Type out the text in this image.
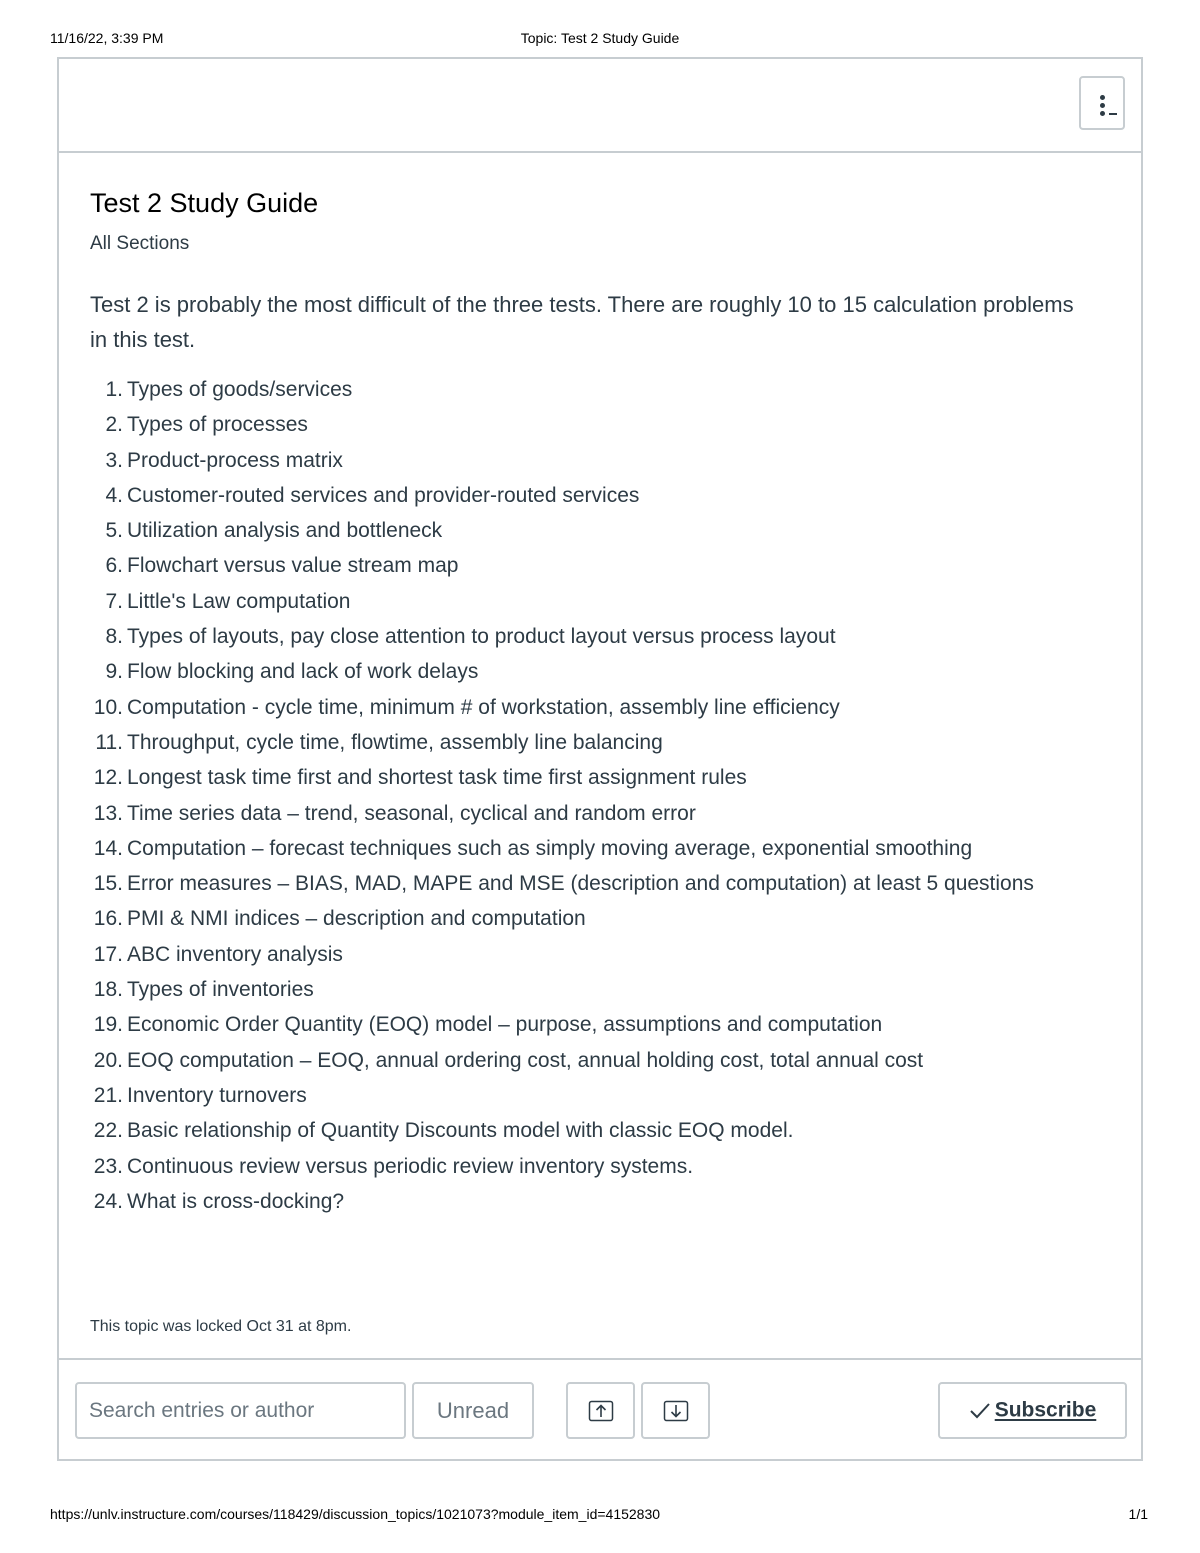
11/16/22, 3:39 PM	Topic: Test 2 Study Guide
Test 2 Study Guide
All Sections

Test 2 is probably the most difficult of the three tests. There are roughly 10 to 15 calculation problems in this test.

1. Types of goods/services
2. Types of processes
3. Product-process matrix
4. Customer-routed services and provider-routed services
5. Utilization analysis and bottleneck
6. Flowchart versus value stream map
7. Little's Law computation
8. Types of layouts, pay close attention to product layout versus process layout
9. Flow blocking and lack of work delays
10. Computation - cycle time, minimum # of workstation, assembly line efficiency
11. Throughput, cycle time, flowtime, assembly line balancing
12. Longest task time first and shortest task time first assignment rules
13. Time series data – trend, seasonal, cyclical and random error
14. Computation – forecast techniques such as simply moving average, exponential smoothing
15. Error measures – BIAS, MAD, MAPE and MSE (description and computation) at least 5 questions
16. PMI & NMI indices – description and computation
17. ABC inventory analysis
18. Types of inventories
19. Economic Order Quantity (EOQ) model – purpose, assumptions and computation
20. EOQ computation – EOQ, annual ordering cost, annual holding cost, total annual cost
21. Inventory turnovers
22. Basic relationship of Quantity Discounts model with classic EOQ model.
23. Continuous review versus periodic review inventory systems.
24. What is cross-docking?
This topic was locked Oct 31 at 8pm.
Search entries or author
Unread	Subscribe
https://unlv.instructure.com/courses/118429/discussion_topics/1021073?module_item_id=4152830	1/1
